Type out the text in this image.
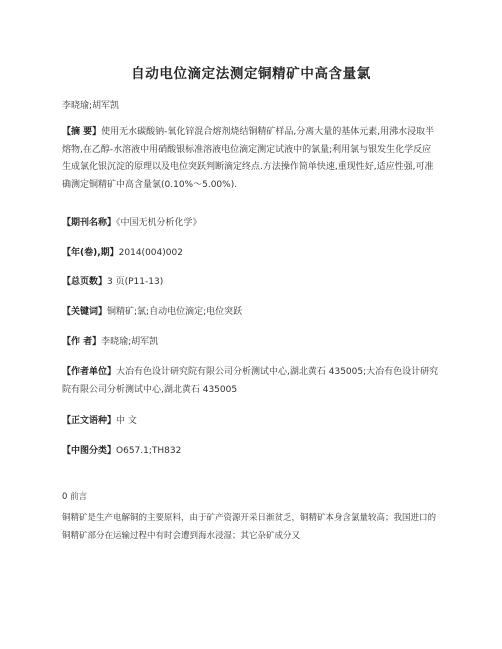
自动电位滴定法测定铜精矿中高含量氯
李晓瑜;胡军凯
【摘 要】使用无水碳酸钠-氧化锌混合熔剂烧结铜精矿样品,分离大量的基体元素,用沸水浸取半熔物,在乙醇-水溶液中用硝酸银标准溶液电位滴定测定试液中的氯量;利用氯与银发生化学反应生成氯化银沉淀的原理以及电位突跃判断滴定终点.方法操作简单快速,重现性好,适应性强,可准确测定铜精矿中高含量氯(0.10%～5.00%).
【期刊名称】《中国无机分析化学》
【年(卷),期】2014(004)002
【总页数】3 页(P11-13)
【关键词】铜精矿;氯;自动电位滴定;电位突跃
【作 者】李晓瑜;胡军凯
【作者单位】大冶有色设计研究院有限公司分析测试中心,湖北黄石 435005;大冶有色设计研究院有限公司分析测试中心,湖北黄石 435005
【正文语种】中 文
【中图分类】O657.1;TH832
0 前言
铜精矿是生产电解铜的主要原料，由于矿产资源开采日渐贫乏，铜精矿本身含氯量较高；我国进口的铜精矿部分在运输过程中有时会遭到海水浸湿；其它杂矿成分又
